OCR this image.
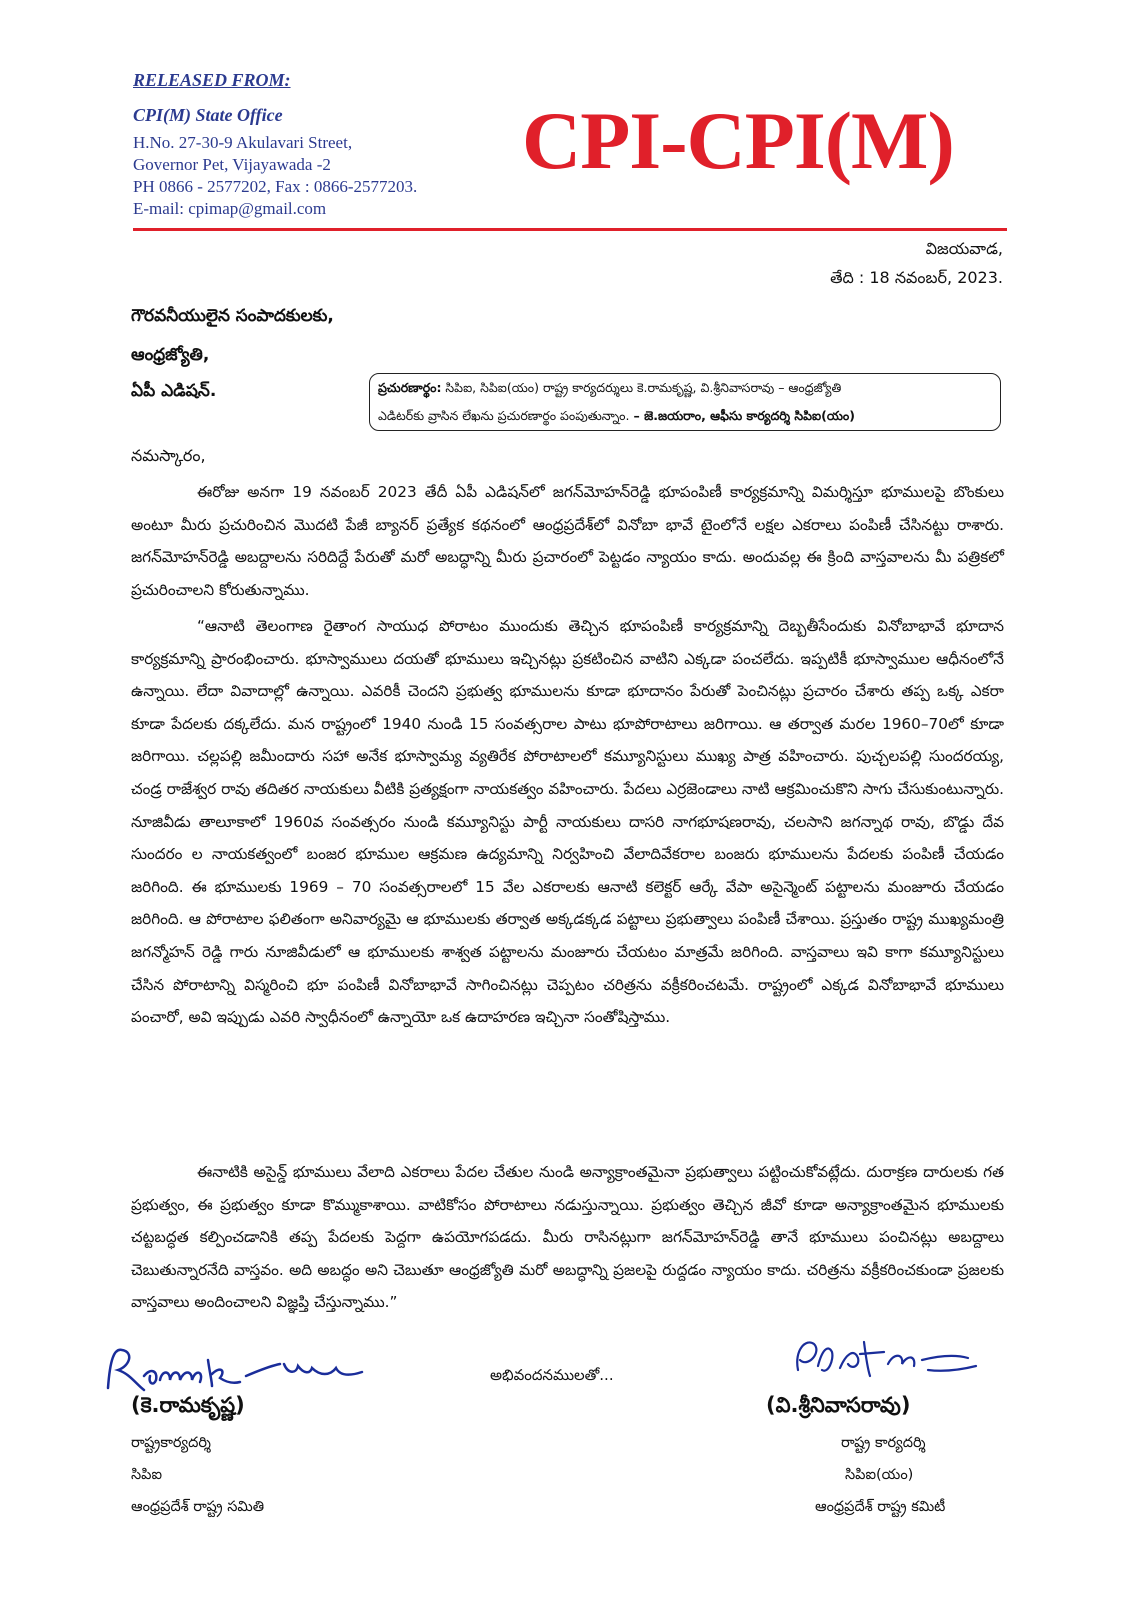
RELEASED FROM:
CPI(M) State Office
H.No. 27-30-9 Akulavari Street,
Governor Pet, Vijayawada -2
PH 0866 - 2577202, Fax : 0866-2577203.
E-mail: cpimap@gmail.com
CPI-CPI(M)
విజయవాడ,
తేది : 18 నవంబర్, 2023.
గౌరవనీయులైన సంపాదకులకు,
ఆంధ్రజ్యోతి,
ఏపీ ఎడిషన్.	ప్రచురణార్థం: సిపిఐ, సిపిఐ(యం) రాష్ట్ర కార్యదర్శులు కె.రామకృష్ణ, వి.శ్రీనివాసరావు – ఆంధ్రజ్యోతి
ఎడిటర్‌కు వ్రాసిన లేఖను ప్రచురణార్థం పంపుతున్నాం. – జె.జయరాం, ఆఫీసు కార్యదర్శి సిపిఐ(యం)
నమస్కారం,
ఈరోజు అనగా 19 నవంబర్ 2023 తేదీ ఏపీ ఎడిషన్‌లో జగన్‌మోహన్‌రెడ్డి భూపంపిణీ కార్యక్రమాన్ని విమర్శిస్తూ భూములపై బొంకులు అంటూ మీరు ప్రచురించిన మొదటి పేజీ బ్యానర్ ప్రత్యేక కథనంలో ఆంధ్రప్రదేశ్‌లో వినోబా భావే టైంలోనే లక్షల ఎకరాలు పంపిణీ చేసినట్టు రాశారు. జగన్‌మోహన్‌రెడ్డి అబద్దాలను సరిదిద్దే పేరుతో మరో అబద్ధాన్ని మీరు ప్రచారంలో పెట్టడం న్యాయం కాదు. అందువల్ల ఈ క్రింది వాస్తవాలను మీ పత్రికలో ప్రచురించాలని కోరుతున్నాము.
“ఆనాటి తెలంగాణ రైతాంగ సాయుధ పోరాటం ముందుకు తెచ్చిన భూపంపిణీ కార్యక్రమాన్ని దెబ్బతీసేందుకు వినోబాభావే భూదాన కార్యక్రమాన్ని ప్రారంభించారు. భూస్వాములు దయతో భూములు ఇచ్చినట్లు ప్రకటించిన వాటిని ఎక్కడా పంచలేదు. ఇప్పటికీ భూస్వాముల ఆధీనంలోనే ఉన్నాయి. లేదా వివాదాల్లో ఉన్నాయి. ఎవరికీ చెందని ప్రభుత్వ భూములను కూడా భూదానం పేరుతో పెంచినట్లు ప్రచారం చేశారు తప్ప ఒక్క ఎకరా కూడా పేదలకు దక్కలేదు. మన రాష్ట్రంలో 1940 నుండి 15 సంవత్సరాల పాటు భూపోరాటాలు జరిగాయి. ఆ తర్వాత మరల 1960–70లో కూడా జరిగాయి. చల్లపల్లి జమీందారు సహా అనేక భూస్వామ్య వ్యతిరేక పోరాటాలలో కమ్యూనిస్టులు ముఖ్య పాత్ర వహించారు. పుచ్చలపల్లి సుందరయ్య, చండ్ర రాజేశ్వర రావు తదితర నాయకులు వీటికి ప్రత్యక్షంగా నాయకత్వం వహించారు. పేదలు ఎర్రజెండాలు నాటి ఆక్రమించుకొని సాగు చేసుకుంటున్నారు. నూజివీడు తాలూకాలో 1960వ సంవత్సరం నుండి కమ్యూనిస్టు పార్టీ నాయకులు దాసరి నాగభూషణరావు, చలసాని జగన్నాథ రావు, బొడ్డు దేవ సుందరం ల నాయకత్వంలో బంజర భూముల ఆక్రమణ ఉద్యమాన్ని నిర్వహించి వేలాదివేకరాల బంజరు భూములను పేదలకు పంపిణీ చేయడం జరిగింది. ఈ భూములకు 1969 – 70 సంవత్సరాలలో 15 వేల ఎకరాలకు ఆనాటి కలెక్టర్ ఆర్కే వేపా అసైన్మెంట్ పట్టాలను మంజూరు చేయడం జరిగింది. ఆ పోరాటాల ఫలితంగా అనివార్యమై ఆ భూములకు తర్వాత అక్కడక్కడ పట్టాలు ప్రభుత్వాలు పంపిణీ చేశాయి. ప్రస్తుతం రాష్ట్ర ముఖ్యమంత్రి జగన్మోహన్ రెడ్డి గారు నూజివీడులో ఆ భూములకు శాశ్వత పట్టాలను మంజూరు చేయటం మాత్రమే జరిగింది. వాస్తవాలు ఇవి కాగా కమ్యూనిస్టులు చేసిన పోరాటాన్ని విస్మరించి భూ పంపిణీ వినోబాభావే సాగించినట్లు చెప్పటం చరిత్రను వక్రీకరించటమే. రాష్ట్రంలో ఎక్కడ వినోబాభావే భూములు పంచారో, అవి ఇప్పుడు ఎవరి స్వాధీనంలో ఉన్నాయో ఒక ఉదాహరణ ఇచ్చినా సంతోషిస్తాము.
ఈనాటికి అసైన్డ్ భూములు వేలాది ఎకరాలు పేదల చేతుల నుండి అన్యాక్రాంతమైనా ప్రభుత్వాలు పట్టించుకోవట్లేదు. దురాక్రణ దారులకు గత ప్రభుత్వం, ఈ ప్రభుత్వం కూడా కొమ్ముకాశాయి. వాటికోసం పోరాటాలు నడుస్తున్నాయి. ప్రభుత్వం తెచ్చిన జీవో కూడా అన్యాక్రాంతమైన భూములకు చట్టబద్ధత కల్పించడానికి తప్ప పేదలకు పెద్దగా ఉపయోగపడదు. మీరు రాసినట్లుగా జగన్‌మోహన్‌రెడ్డి తానే భూములు పంచినట్లు అబద్దాలు చెబుతున్నారనేది వాస్తవం. అది అబద్ధం అని చెబుతూ ఆంధ్రజ్యోతి మరో అబద్ధాన్ని ప్రజలపై రుద్దడం న్యాయం కాదు. చరిత్రను వక్రీకరించకుండా ప్రజలకు వాస్తవాలు అందించాలని విజ్ఞప్తి చేస్తున్నాము.”
అభివందనములతో...
(కె.రామకృష్ణ)	(వి.శ్రీనివాసరావు)
రాష్ట్రకార్యదర్శి
సిపిఐ
ఆంధ్రప్రదేశ్ రాష్ట్ర సమితి
రాష్ట్ర కార్యదర్శి
సిపిఐ(యం)
ఆంధ్రప్రదేశ్ రాష్ట్ర కమిటీ
